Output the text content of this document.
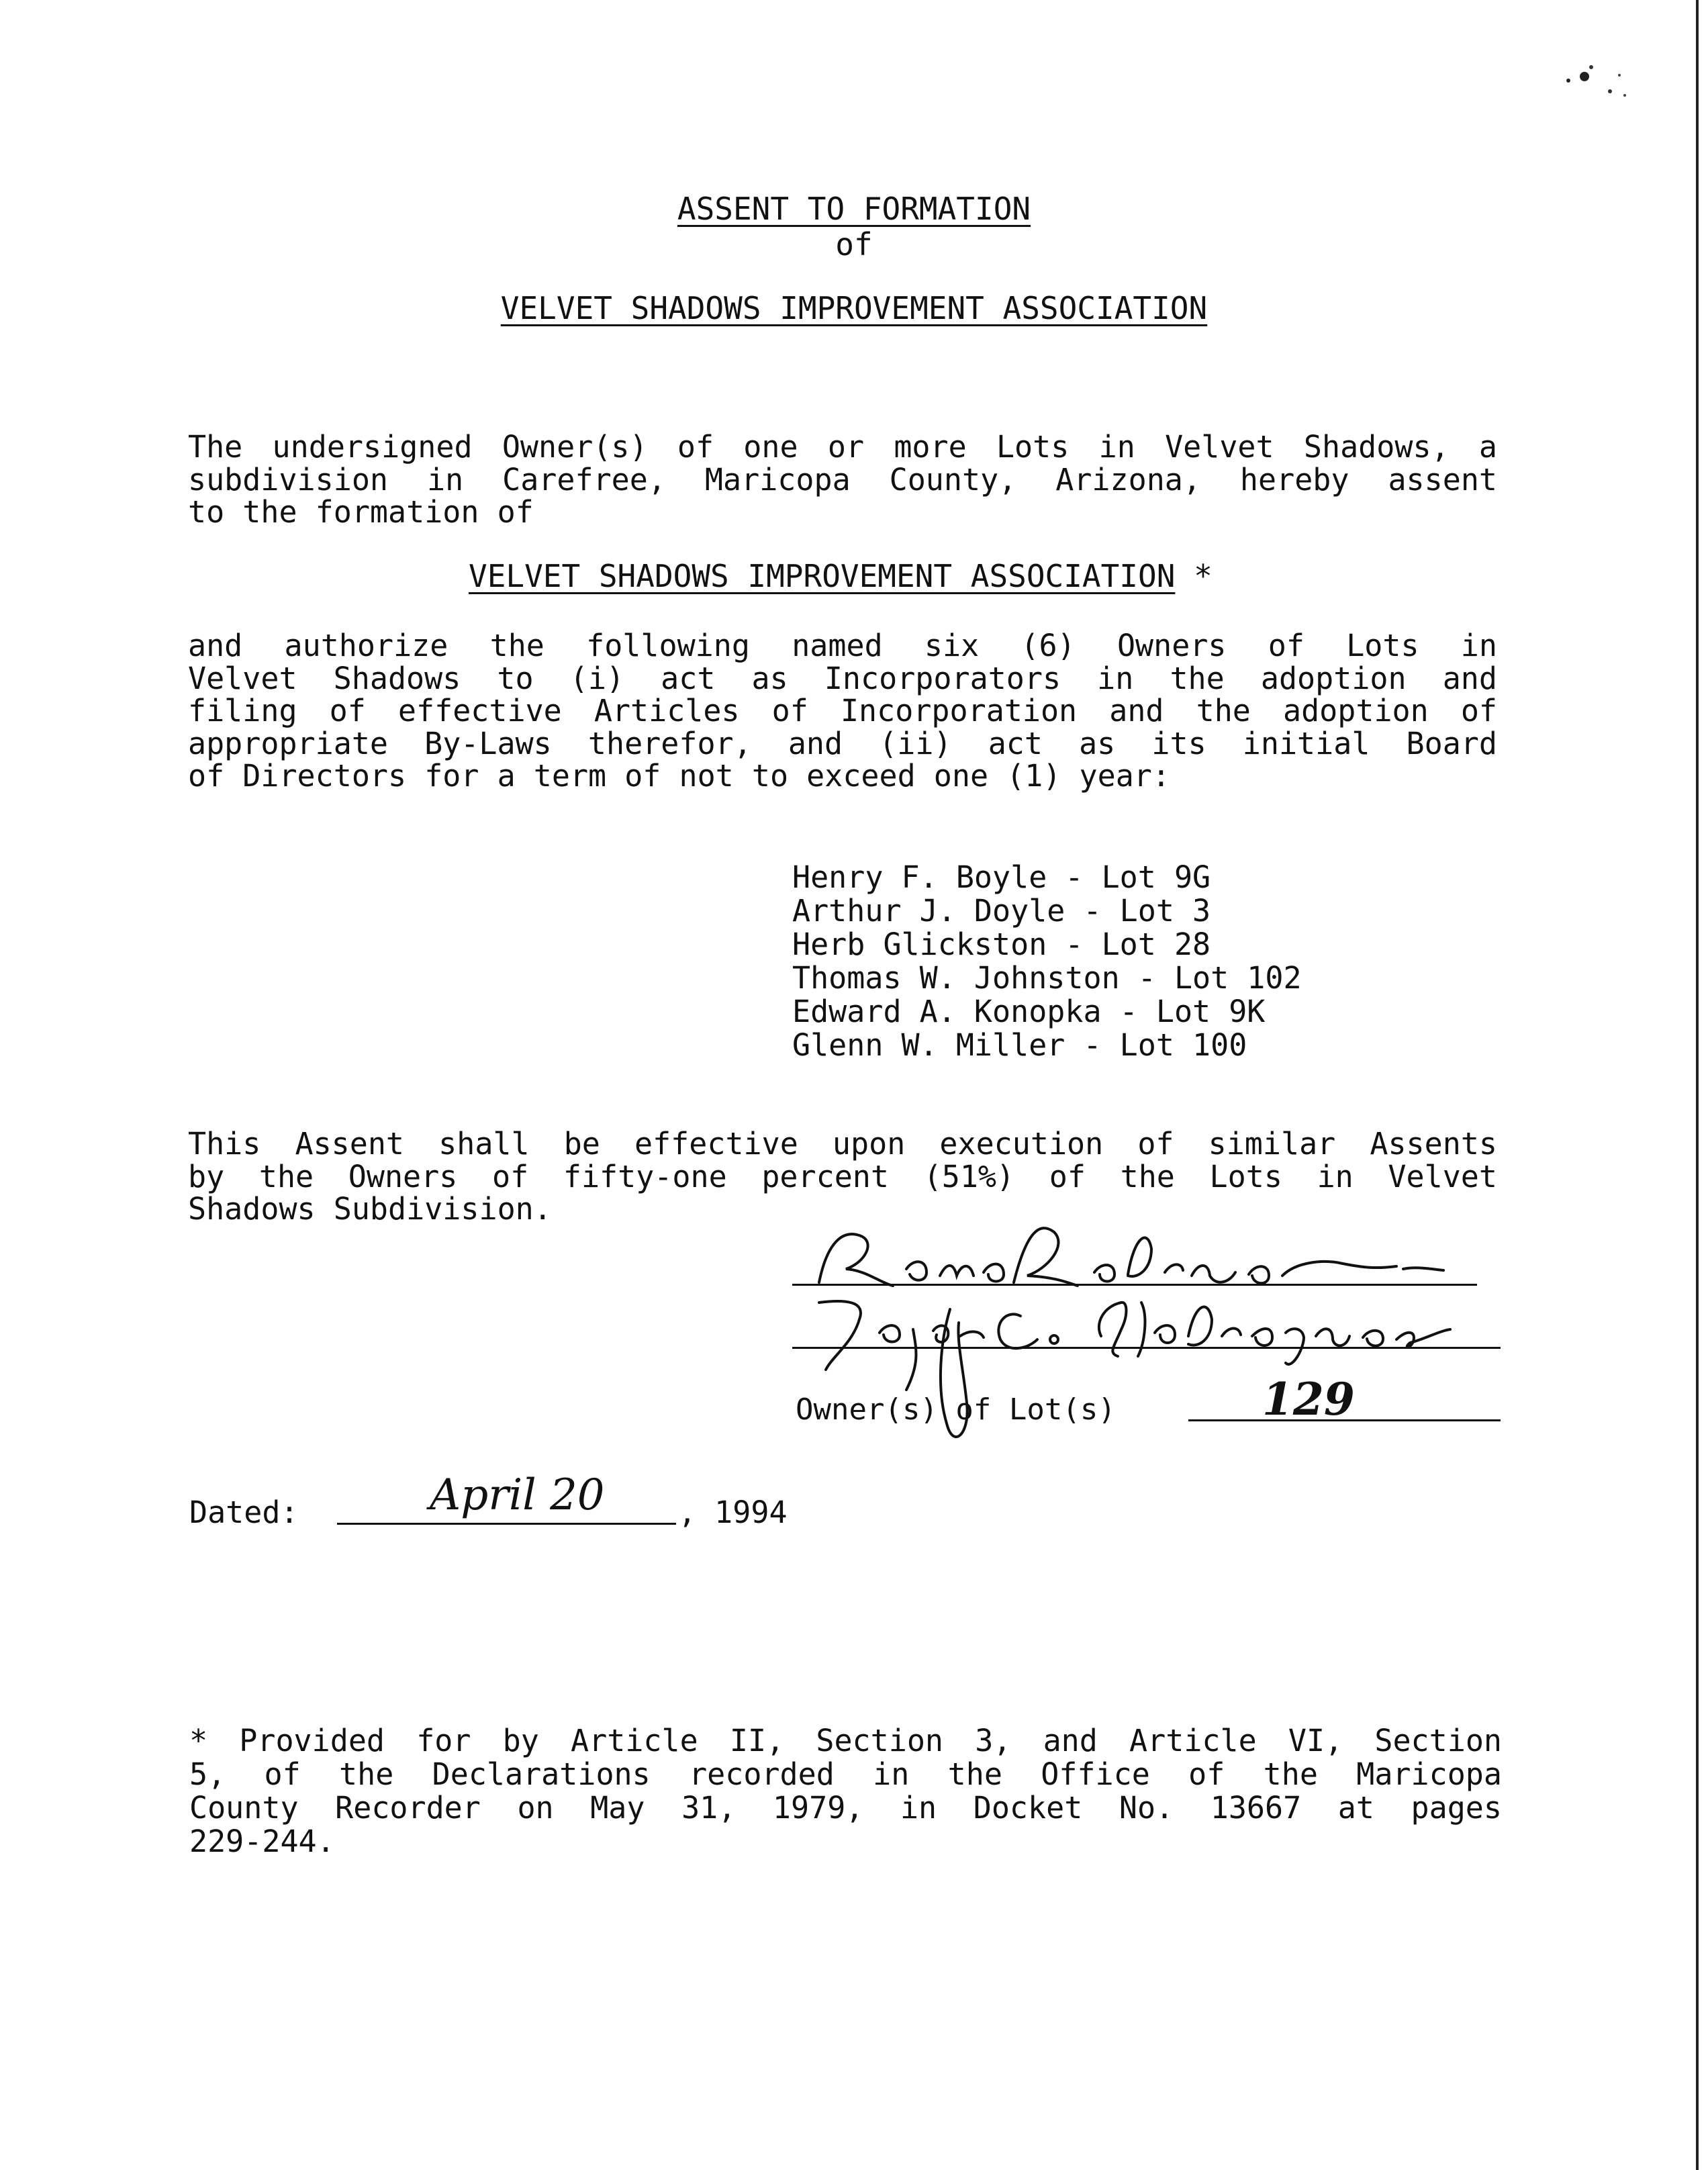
ASSENT TO FORMATION
of
VELVET SHADOWS IMPROVEMENT ASSOCIATION
The undersigned Owner(s) of one or more Lots in Velvet Shadows, a
subdivision in Carefree, Maricopa County, Arizona, hereby assent
to the formation of
VELVET SHADOWS IMPROVEMENT ASSOCIATION *
and authorize the following named six (6) Owners of Lots in
Velvet Shadows to (i) act as Incorporators in the adoption and
filing of effective Articles of Incorporation and the adoption of
appropriate By-Laws therefor, and (ii) act as its initial Board
of Directors for a term of not to exceed one (1) year:
Henry F. Boyle - Lot 9G
Arthur J. Doyle - Lot 3
Herb Glickston - Lot 28
Thomas W. Johnston - Lot 102
Edward A. Konopka - Lot 9K
Glenn W. Miller - Lot 100
This Assent shall be effective upon execution of similar Assents
by the Owners of fifty-one percent (51%) of the Lots in Velvet
Shadows Subdivision.
Owner(s) of Lot(s)	129
Dated:	April 20 , 1994
* Provided for by Article II, Section 3, and Article VI, Section
5, of the Declarations recorded in the Office of the Maricopa
County Recorder on May 31, 1979, in Docket No. 13667 at pages
229-244.
